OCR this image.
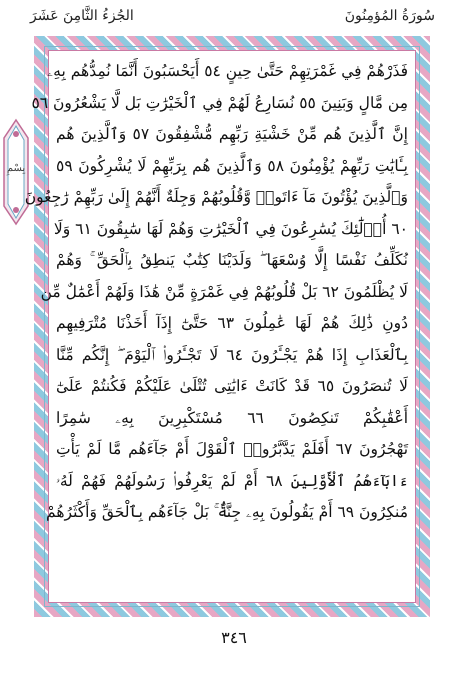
سُورَةُ المُؤمِنُونَ
الجُزءُ الثَّامِنَ عَشَرَ
بِسْمِ
فَذَرْهُمْ فِي غَمْرَتِهِمْ حَتَّىٰ حِينٍ ٥٤ أَيَحْسَبُونَ أَنَّمَا نُمِدُّهُم بِهِۦ
مِن مَّالٍ وَبَنِينَ ٥٥ نُسَارِعُ لَهُمْ فِي ٱلْخَيْرَٰتِ بَل لَّا يَشْعُرُونَ ٥٦
إِنَّ ٱلَّذِينَ هُم مِّنْ خَشْيَةِ رَبِّهِم مُّشْفِقُونَ ٥٧ وَٱلَّذِينَ هُم
بِـَٔايَٰتِ رَبِّهِمْ يُؤْمِنُونَ ٥٨ وَٱلَّذِينَ هُم بِرَبِّهِمْ لَا يُشْرِكُونَ ٥٩
وَٱلَّذِينَ يُؤْتُونَ مَآ ءَاتَوا۟ وَّقُلُوبُهُمْ وَجِلَةٌ أَنَّهُمْ إِلَىٰ رَبِّهِمْ رَٰجِعُونَ
٦٠ أُو۟لَٰٓئِكَ يُسَٰرِعُونَ فِي ٱلْخَيْرَٰتِ وَهُمْ لَهَا سَٰبِقُونَ ٦١ وَلَا
نُكَلِّفُ نَفْسًا إِلَّا وُسْعَهَا ۖ وَلَدَيْنَا كِتَٰبٌ يَنطِقُ بِٱلْحَقِّ ۚ وَهُمْ
لَا يُظْلَمُونَ ٦٢ بَلْ قُلُوبُهُمْ فِي غَمْرَةٍ مِّنْ هَٰذَا وَلَهُمْ أَعْمَٰلٌ مِّن
دُونِ ذَٰلِكَ هُمْ لَهَا عَٰمِلُونَ ٦٣ حَتَّىٰٓ إِذَآ أَخَذْنَا مُتْرَفِيهِم
بِٱلْعَذَابِ إِذَا هُمْ يَجْـَٔرُونَ ٦٤ لَا تَجْـَٔرُوا۟ ٱلْيَوْمَ ۖ إِنَّكُم مِّنَّا
لَا تُنصَرُونَ ٦٥ قَدْ كَانَتْ ءَايَٰتِى تُتْلَىٰ عَلَيْكُمْ فَكُنتُمْ عَلَىٰٓ
أَعْقَٰبِكُمْ تَنكِصُونَ ٦٦ مُسْتَكْبِرِينَ بِهِۦ سَٰمِرًا
تَهْجُرُونَ ٦٧ أَفَلَمْ يَدَّبَّرُوا۟ ٱلْقَوْلَ أَمْ جَآءَهُم مَّا لَمْ يَأْتِ
ءَابَآءَهُمُ ٱلْأَوَّلِينَ ٦٨ أَمْ لَمْ يَعْرِفُوا۟ رَسُولَهُمْ فَهُمْ لَهُۥ
مُنكِرُونَ ٦٩ أَمْ يَقُولُونَ بِهِۦ جِنَّةٌۢ ۚ بَلْ جَآءَهُم بِٱلْحَقِّ وَأَكْثَرُهُمْ
٣٤٦
